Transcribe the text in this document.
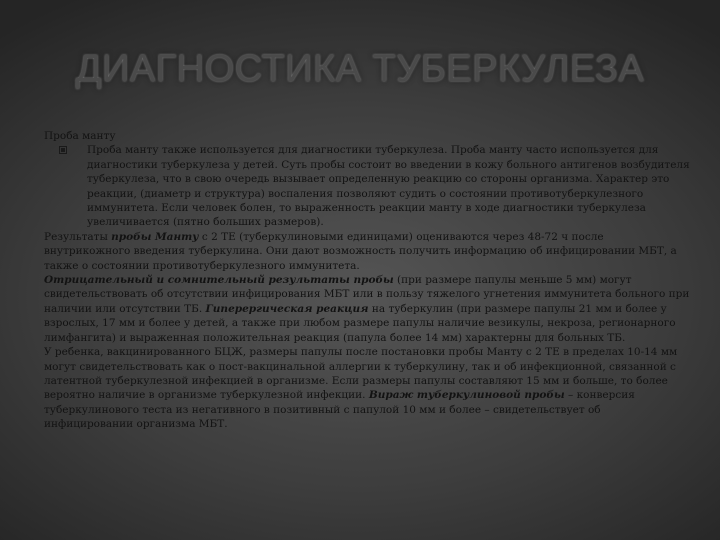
ДИАГНОСТИКА ТУБЕРКУЛЕЗА

Проба манту

Проба манту также используется для диагностики туберкулеза. Проба манту часто используется для диагностики туберкулеза у детей. Суть пробы состоит во введении в кожу больного антигенов возбудителя туберкулеза, что в свою очередь вызывает определенную реакцию со стороны организма. Характер это реакции, (диаметр и структура) воспаления позволяют судить о состоянии противотуберкулезного иммунитета. Если человек болен, то выраженность реакции манту в ходе диагностики туберкулеза увеличивается (пятно больших размеров).

Результаты пробы Манту с 2 ТЕ (туберкулиновыми единицами) оцениваются через 48-72 ч после внутрикожного введения туберкулина. Они дают возможность получить информацию об инфицировании МБТ, а также о состоянии противотуберкулезного иммунитета.

Отрицательный и сомнительный результаты пробы (при размере папулы меньше 5 мм) могут свидетельствовать об отсутствии инфицирования МБТ или в пользу тяжелого угнетения иммунитета больного при наличии или отсутствии ТБ. Гиперергическая реакция на туберкулин (при размере папулы 21 мм и более у взрослых, 17 мм и более у детей, а также при любом размере папулы наличие везикулы, некроза, регионарного лимфангита) и выраженная положительная реакция (папула более 14 мм) характерны для больных ТБ.

У ребенка, вакцинированного БЦЖ, размеры папулы после постановки пробы Манту с 2 ТЕ в пределах 10-14 мм могут свидетельствовать как о пост-вакцинальной аллергии к туберкулину, так и об инфекционной, связанной с латентной туберкулезной инфекцией в организме. Если размеры папулы составляют 15 мм и больше, то более вероятно наличие в организме туберкулезной инфекции. Вираж туберкулиновой пробы – конверсия туберкулинового теста из негативного в позитивный с папулой 10 мм и более – свидетельствует об инфицировании организма МБТ.
